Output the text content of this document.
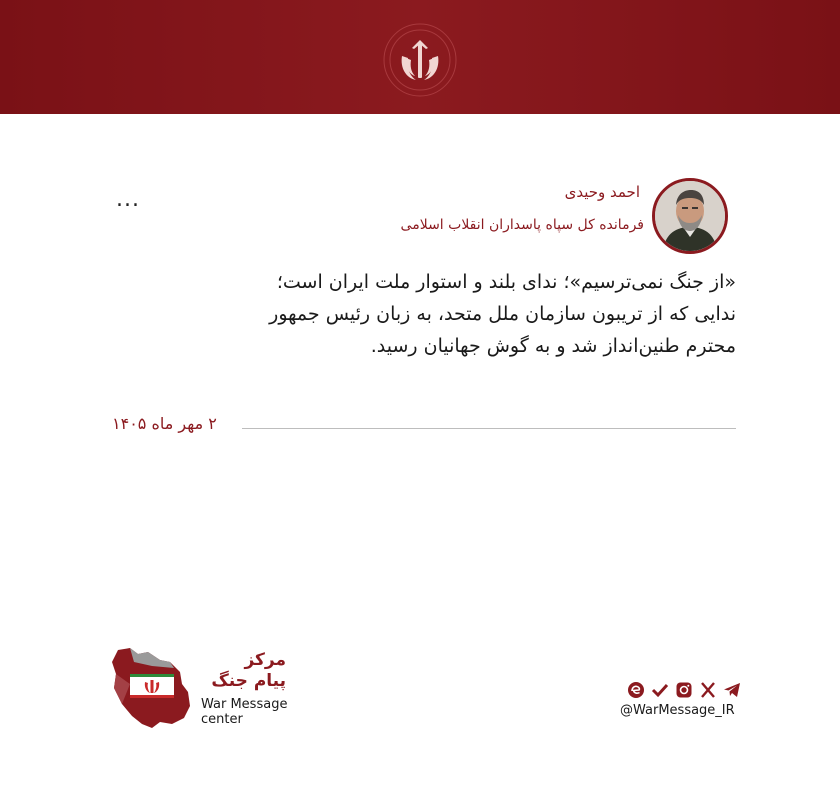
...	احمد وحیدی
فرمانده کل سپاه پاسداران انقلاب اسلامی
«از جنگ نمی‌ترسیم»؛ ندای بلند و استوار ملت ایران است؛
ندایی که از تریبون سازمان ملل متحد، به زبان رئیس جمهور
محترم طنین‌انداز شد و به گوش جهانیان رسید.
۲ مهر ماه ۱۴۰۵
مرکز
پیام جنگ
War Message
center
@WarMessage_IR
